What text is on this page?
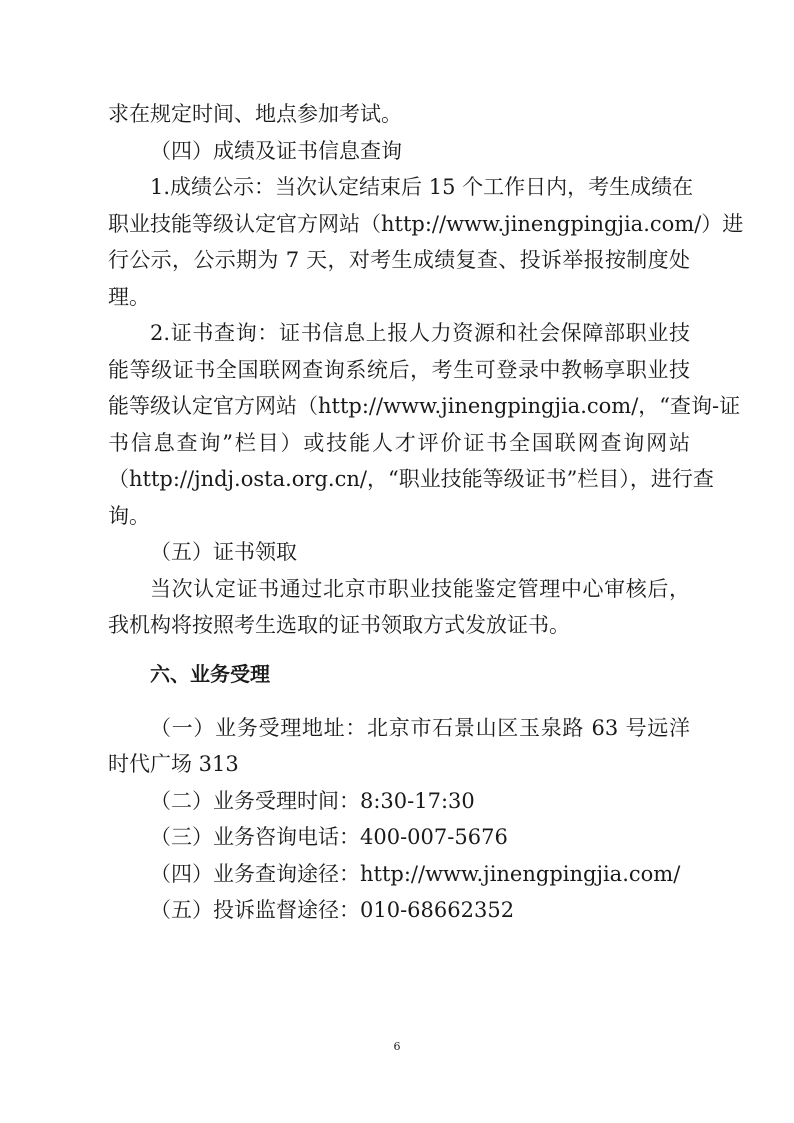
求在规定时间、地点参加考试。
（四）成绩及证书信息查询
1.成绩公示：当次认定结束后 15 个工作日内，考生成绩在
职业技能等级认定官方网站（http://www.jinengpingjia.com/）进
行公示，公示期为 7 天，对考生成绩复查、投诉举报按制度处
理。
2.证书查询：证书信息上报人力资源和社会保障部职业技
能等级证书全国联网查询系统后，考生可登录中教畅享职业技
能等级认定官方网站（http://www.jinengpingjia.com/，“查询-证
书信息查询”栏目）或技能人才评价证书全国联网查询网站
（http://jndj.osta.org.cn/，“职业技能等级证书”栏目），进行查
询。
（五）证书领取
当次认定证书通过北京市职业技能鉴定管理中心审核后，
我机构将按照考生选取的证书领取方式发放证书。
六、业务受理
（一）业务受理地址：北京市石景山区玉泉路 63 号远洋
时代广场 313
（二）业务受理时间：8:30-17:30
（三）业务咨询电话：400-007-5676
（四）业务查询途径：http://www.jinengpingjia.com/
（五）投诉监督途径：010-68662352
6
